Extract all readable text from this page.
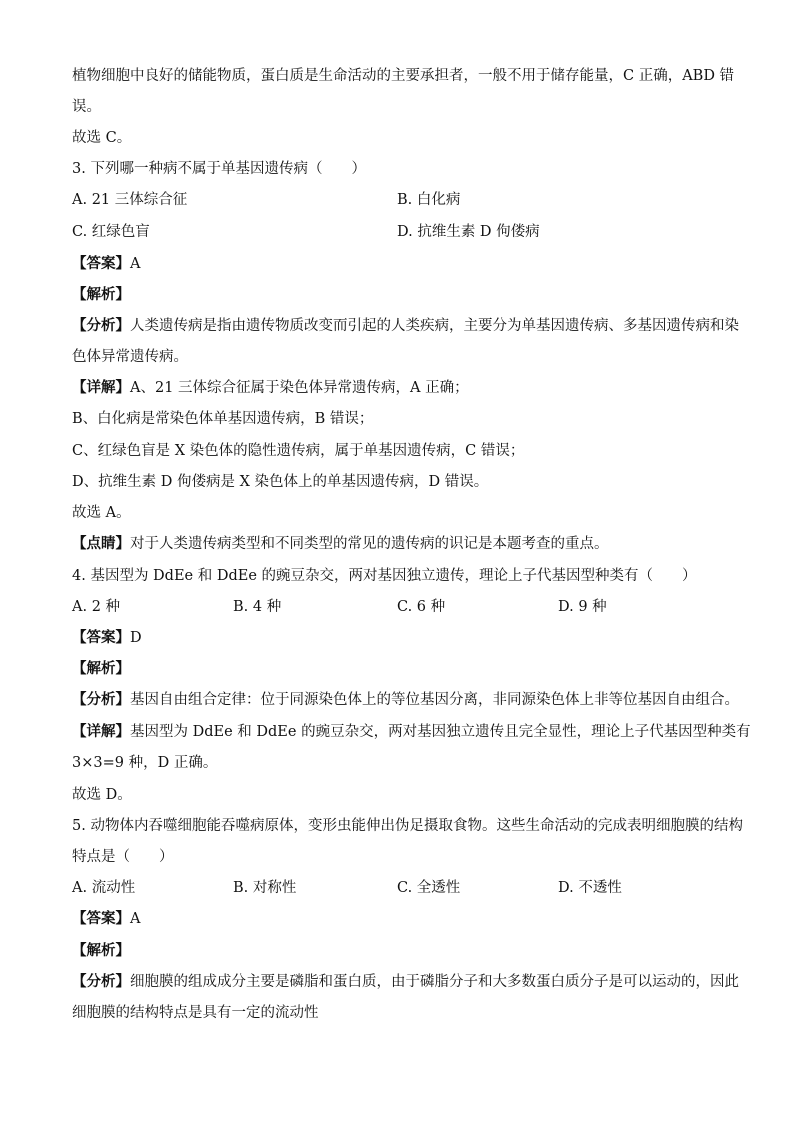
植物细胞中良好的储能物质，蛋白质是生命活动的主要承担者，一般不用于储存能量，C 正确，ABD 错
误。
故选 C。
3. 下列哪一种病不属于单基因遗传病（　　）
A. 21 三体综合征	B. 白化病
C. 红绿色盲	D. 抗维生素 D 佝偻病
【答案】A
【解析】
【分析】人类遗传病是指由遗传物质改变而引起的人类疾病，主要分为单基因遗传病、多基因遗传病和染
色体异常遗传病。
【详解】A、21 三体综合征属于染色体异常遗传病，A 正确；
B、白化病是常染色体单基因遗传病，B 错误；
C、红绿色盲是 X 染色体的隐性遗传病，属于单基因遗传病，C 错误；
D、抗维生素 D 佝偻病是 X 染色体上的单基因遗传病，D 错误。
故选 A。
【点睛】对于人类遗传病类型和不同类型的常见的遗传病的识记是本题考查的重点。
4. 基因型为 DdEe 和 DdEe 的豌豆杂交，两对基因独立遗传，理论上子代基因型种类有（　　）
A. 2 种	B. 4 种	C. 6 种	D. 9 种
【答案】D
【解析】
【分析】基因自由组合定律：位于同源染色体上的等位基因分离，非同源染色体上非等位基因自由组合。
【详解】基因型为 DdEe 和 DdEe 的豌豆杂交，两对基因独立遗传且完全显性，理论上子代基因型种类有
3×3=9 种，D 正确。
故选 D。
5. 动物体内吞噬细胞能吞噬病原体，变形虫能伸出伪足摄取食物。这些生命活动的完成表明细胞膜的结构
特点是（　　）
A. 流动性	B. 对称性	C. 全透性	D. 不透性
【答案】A
【解析】
【分析】细胞膜的组成成分主要是磷脂和蛋白质，由于磷脂分子和大多数蛋白质分子是可以运动的，因此
细胞膜的结构特点是具有一定的流动性
